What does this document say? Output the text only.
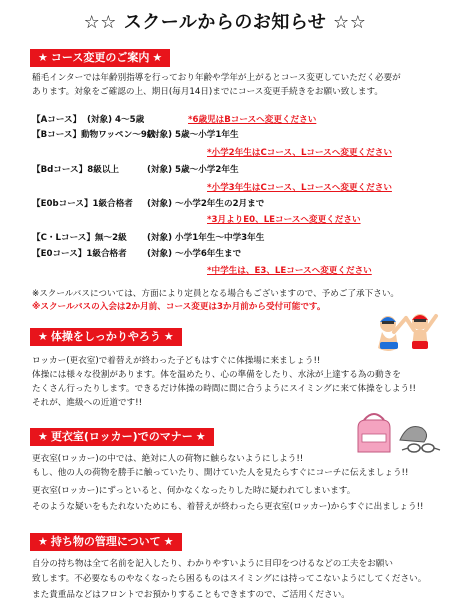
☆☆ スクールからのお知らせ ☆☆
★ コース変更のご案内 ★
稲毛インターでは年齢別指導を行っており年齢や学年が上がるとコース変更していただく必要が
あります。対象をご確認の上、期日(毎月14日)までにコース変更手続きをお願い致します。
【Aコース】 (対象) 4～5歳	*6歳児はBコースへ変更ください
【Bコース】動物ワッペン～9級
(対象) 5歳～小学1年生
*小学2年生はCコース、Lコースへ変更ください
【Bdコース】8級以上	(対象) 5歳～小学2年生
*小学3年生はCコース、Lコースへ変更ください
【E0bコース】1級合格者 (対象) ～小学2年生の2月まで
*3月よりE0、LEコースへ変更ください
【C・Lコース】無～2級 (対象) 小学1年生～中学3年生
【E0コース】1級合格者 (対象) ～小学6年生まで
*中学生は、E3、LEコースへ変更ください
※スクールバスについては、方面により定員となる場合もございますので、予めご了承下さい。
※スクールバスの入会は2か月前、コース変更は3か月前から受付可能です。
★ 体操をしっかりやろう ★
ロッカー(更衣室)で着替えが終わった子どもはすぐに体操場に来ましょう!!
体操には様々な役割があります。体を温めたり、心の準備をしたり、水泳が上達する為の動きを
たくさん行ったりします。できるだけ体操の時間に間に合うようにスイミングに来て体操をしよう!!
それが、進級への近道です!!
★ 更衣室(ロッカー)でのマナー ★
更衣室(ロッカー)の中では、絶対に人の荷物に触らないようにしよう!!
もし、他の人の荷物を勝手に触っていたり、開けていた人を見たらすぐにコーチに伝えましょう!!
更衣室(ロッカー)にずっといると、何かなくなったりした時に疑われてしまいます。
そのような疑いをもたれないためにも、着替えが終わったら更衣室(ロッカー)からすぐに出ましょう!!
★ 持ち物の管理について ★
自分の持ち物は全て名前を記入したり、わかりやすいように目印をつけるなどの工夫をお願い
致します。不必要なものやなくなったら困るものはスイミングには持ってこないようにしてください。
また貴重品などはフロントでお預かりすることもできますので、ご活用ください。
